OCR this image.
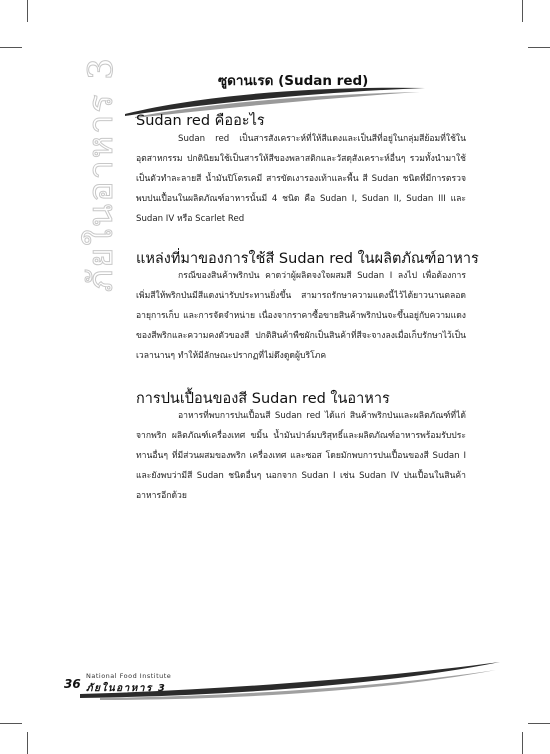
ภัยในอาหาร 3	ซูดานเรด (Sudan red)
Sudan red คืออะไร

Sudan red เป็นสารสังเคราะห์ที่ให้สีแดงและเป็นสีที่อยู่ในกลุ่มสีย้อมที่ใช้ในอุตสาหกรรม ปกตินิยมใช้เป็นสารให้สีของพลาสติกและวัสดุสังเคราะห์อื่นๆ รวมทั้งนำมาใช้เป็นตัวทำละลายสี น้ำมันปิโตรเคมี สารขัดเงารองเท้าและพื้น สี Sudan ชนิดที่มีการตรวจพบปนเปื้อนในผลิตภัณฑ์อาหารนั้นมี 4 ชนิด คือ Sudan I, Sudan II, Sudan III และ Sudan IV หรือ Scarlet Red

แหล่งที่มาของการใช้สี Sudan red ในผลิตภัณฑ์อาหาร

กรณีของสินค้าพริกป่น คาดว่าผู้ผลิตจงใจผสมสี Sudan I ลงไป เพื่อต้องการเพิ่มสีให้พริกป่นมีสีแดงน่ารับประทานยิ่งขึ้น สามารถรักษาความแดงนี้ไว้ได้ยาวนานตลอดอายุการเก็บ และการจัดจำหน่าย เนื่องจากราคาซื้อขายสินค้าพริกป่นจะขึ้นอยู่กับความแดงของสีพริกและความคงตัวของสี ปกติสินค้าพืชผักเป็นสินค้าที่สีจะจางลงเมื่อเก็บรักษาไว้เป็นเวลานานๆ ทำให้มีลักษณะปรากฏที่ไม่ดึงดูดผู้บริโภค

การปนเปื้อนของสี Sudan red ในอาหาร

อาหารที่พบการปนเปื้อนสี Sudan red ได้แก่ สินค้าพริกป่นและผลิตภัณฑ์ที่ได้จากพริก ผลิตภัณฑ์เครื่องเทศ ขมิ้น น้ำมันปาล์มบริสุทธิ์และผลิตภัณฑ์อาหารพร้อมรับประทานอื่นๆ ที่มีส่วนผสมของพริก เครื่องเทศ และซอส โดยมักพบการปนเปื้อนของสี Sudan I และยังพบว่ามีสี Sudan ชนิดอื่นๆ นอกจาก Sudan I เช่น Sudan IV ปนเปื้อนในสินค้าอาหารอีกด้วย

36
National Food Institute
ภัยในอาหาร 3
